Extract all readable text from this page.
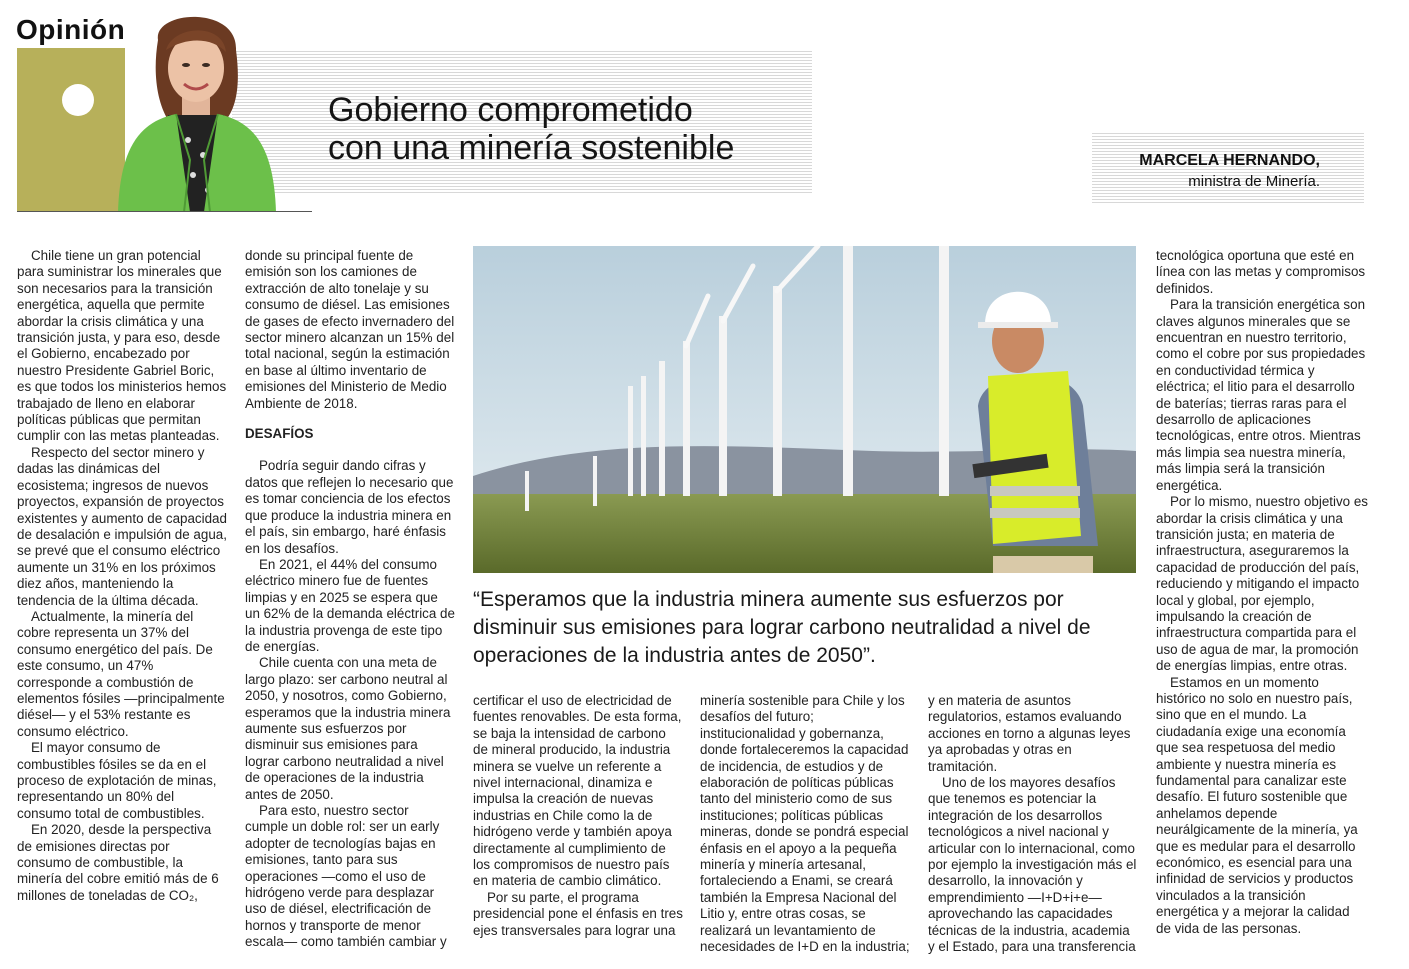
Opinión
Gobierno comprometido
con una minería sostenible	MARCELA HERNANDO,
ministra de Minería.

Chile tiene un gran potencial para suministrar los minerales que son necesarios para la transición energética, aquella que permite abordar la crisis climática y una transición justa, y para eso, desde el Gobierno, encabezado por nuestro Presidente Gabriel Boric, es que todos los ministerios hemos trabajado de lleno en elaborar políticas públicas que permitan cumplir con las metas planteadas.

Respecto del sector minero y dadas las dinámicas del ecosistema; ingresos de nuevos proyectos, expansión de proyectos existentes y aumento de capacidad de desalación e impulsión de agua, se prevé que el consumo eléctrico aumente un 31% en los próximos diez años, manteniendo la tendencia de la última década.

Actualmente, la minería del cobre representa un 37% del consumo energético del país. De este consumo, un 47% corresponde a combustión de elementos fósiles —principalmente diésel— y el 53% restante es consumo eléctrico.

El mayor consumo de combustibles fósiles se da en el proceso de explotación de minas, representando un 80% del consumo total de combustibles.

En 2020, desde la perspectiva de emisiones directas por consumo de combustible, la minería del cobre emitió más de 6 millones de toneladas de CO₂,

donde su principal fuente de emisión son los camiones de extracción de alto tonelaje y su consumo de diésel. Las emisiones de gases de efecto invernadero del sector minero alcanzan un 15% del total nacional, según la estimación en base al último inventario de emisiones del Ministerio de Medio Ambiente de 2018.

DESAFÍOS

Podría seguir dando cifras y datos que reflejen lo necesario que es tomar conciencia de los efectos que produce la industria minera en el país, sin embargo, haré énfasis en los desafíos.

En 2021, el 44% del consumo eléctrico minero fue de fuentes limpias y en 2025 se espera que un 62% de la demanda eléctrica de la industria provenga de este tipo de energías.

Chile cuenta con una meta de largo plazo: ser carbono neutral al 2050, y nosotros, como Gobierno, esperamos que la industria minera aumente sus esfuerzos por disminuir sus emisiones para lograr carbono neutralidad a nivel de operaciones de la industria antes de 2050.

Para esto, nuestro sector cumple un doble rol: ser un early adopter de tecnologías bajas en emisiones, tanto para sus operaciones —como el uso de hidrógeno verde para desplazar uso de diésel, electrificación de hornos y transporte de menor escala— como también cambiar y

“Esperamos que la industria minera aumente sus esfuerzos por disminuir sus emisiones para lograr carbono neutralidad a nivel de operaciones de la industria antes de 2050”.

certificar el uso de electricidad de fuentes renovables. De esta forma, se baja la intensidad de carbono de mineral producido, la industria minera se vuelve un referente a nivel internacional, dinamiza e impulsa la creación de nuevas industrias en Chile como la de hidrógeno verde y también apoya directamente al cumplimiento de los compromisos de nuestro país en materia de cambio climático.

Por su parte, el programa presidencial pone el énfasis en tres ejes transversales para lograr una

minería sostenible para Chile y los desafíos del futuro; institucionalidad y gobernanza, donde fortaleceremos la capacidad de incidencia, de estudios y de elaboración de políticas públicas tanto del ministerio como de sus instituciones; políticas públicas mineras, donde se pondrá especial énfasis en el apoyo a la pequeña minería y minería artesanal, fortaleciendo a Enami, se creará también la Empresa Nacional del Litio y, entre otras cosas, se realizará un levantamiento de necesidades de I+D en la industria;

y en materia de asuntos regulatorios, estamos evaluando acciones en torno a algunas leyes ya aprobadas y otras en tramitación.

Uno de los mayores desafíos que tenemos es potenciar la integración de los desarrollos tecnológicos a nivel nacional y articular con lo internacional, como por ejemplo la investigación más el desarrollo, la innovación y emprendimiento —I+D+i+e— aprovechando las capacidades técnicas de la industria, academia y el Estado, para una transferencia

tecnológica oportuna que esté en línea con las metas y compromisos definidos.

Para la transición energética son claves algunos minerales que se encuentran en nuestro territorio, como el cobre por sus propiedades en conductividad térmica y eléctrica; el litio para el desarrollo de baterías; tierras raras para el desarrollo de aplicaciones tecnológicas, entre otros. Mientras más limpia sea nuestra minería, más limpia será la transición energética.

Por lo mismo, nuestro objetivo es abordar la crisis climática y una transición justa; en materia de infraestructura, aseguraremos la capacidad de producción del país, reduciendo y mitigando el impacto local y global, por ejemplo, impulsando la creación de infraestructura compartida para el uso de agua de mar, la promoción de energías limpias, entre otras.

Estamos en un momento histórico no solo en nuestro país, sino que en el mundo. La ciudadanía exige una economía que sea respetuosa del medio ambiente y nuestra minería es fundamental para canalizar este desafío. El futuro sostenible que anhelamos depende neurálgicamente de la minería, ya que es medular para el desarrollo económico, es esencial para una infinidad de servicios y productos vinculados a la transición energética y a mejorar la calidad de vida de las personas.
